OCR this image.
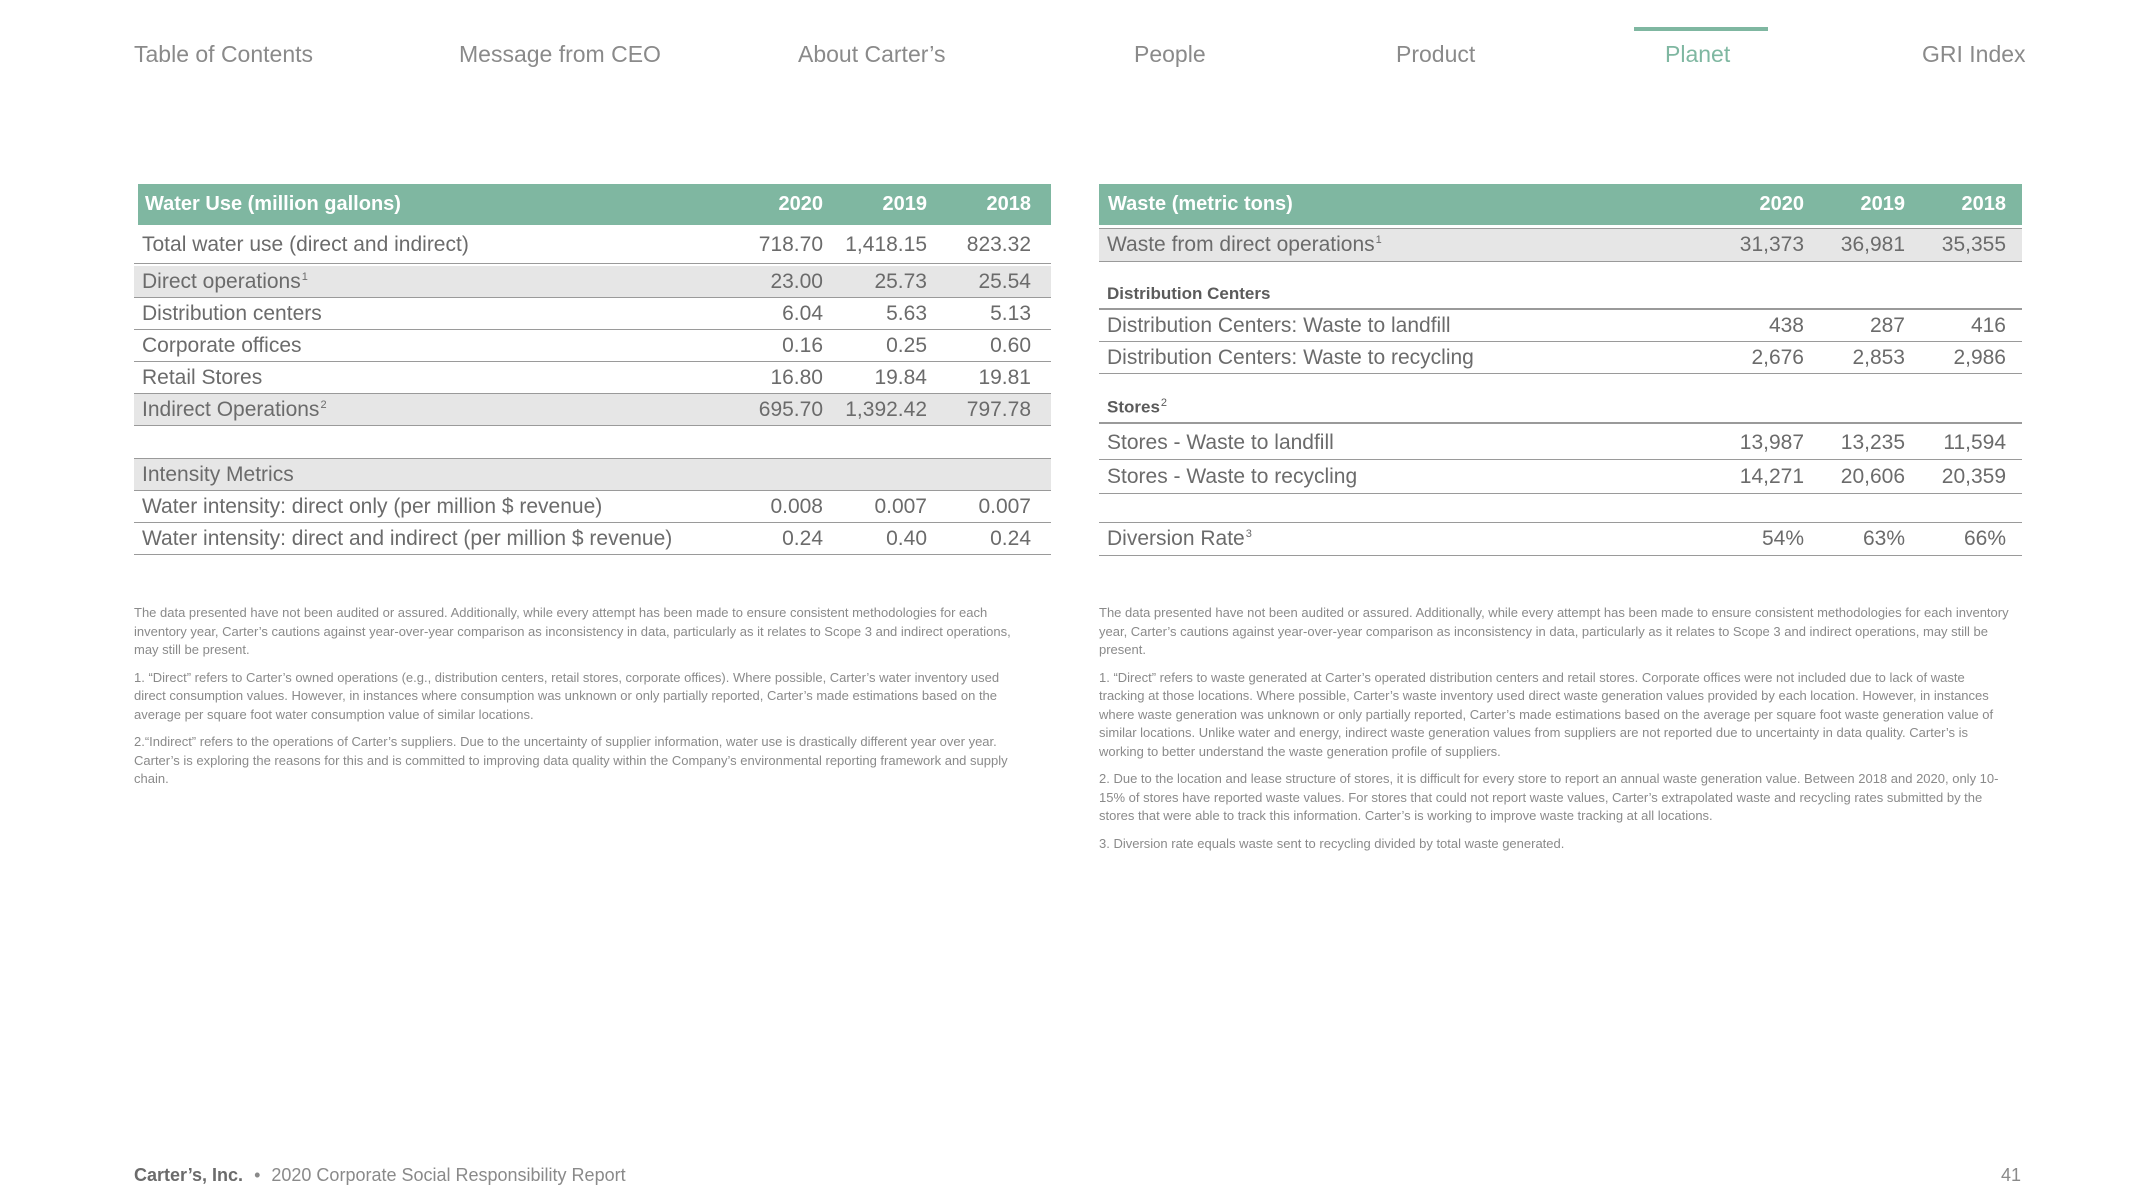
Table of Contents	Message from CEO	About Carter’s	People	Product	Planet	GRI Index
Water Use (million gallons)	2020	2019	2018
Total water use (direct and indirect)	718.70 1,418.15 823.32
Direct operations$^1$	23.00 25.73 25.54
Distribution centers	6.04	5.63	5.13
Corporate offices	0.16	0.25	0.60
Retail Stores	16.80 19.84 19.81
Indirect Operations$^2$	695.70 1,392.42 797.78
Intensity Metrics
Water intensity: direct only (per million $ revenue)	0.008 0.007 0.007
Water intensity: direct and indirect (per million $ revenue)	0.24	0.40	0.24
Waste (metric tons)	2020	2019	2018
Waste from direct operations$^1$	31,373 36,981 35,355
Distribution Centers
Distribution Centers: Waste to landfill	438	287	416
Distribution Centers: Waste to recycling	2,676 2,853 2,986
Stores$^2$
Stores - Waste to landfill	13,987 13,235 11,594
Stores - Waste to recycling	14,271 20,606 20,359
Diversion Rate$^3$	54%	63%	66%

The data presented have not been audited or assured. Additionally, while every attempt has been made to ensure consistent methodologies for each inventory year, Carter’s cautions against year-over-year comparison as inconsistency in data, particularly as it relates to Scope 3 and indirect operations, may still be present.

1. “Direct” refers to Carter’s owned operations (e.g., distribution centers, retail stores, corporate offices). Where possible, Carter’s water inventory used direct consumption values. However, in instances where consumption was unknown or only partially reported, Carter’s made estimations based on the average per square foot water consumption value of similar locations.

2.“Indirect” refers to the operations of Carter’s suppliers. Due to the uncertainty of supplier information, water use is drastically different year over year. Carter’s is exploring the reasons for this and is committed to improving data quality within the Company’s environmental reporting framework and supply chain.

The data presented have not been audited or assured. Additionally, while every attempt has been made to ensure consistent methodologies for each inventory year, Carter’s cautions against year-over-year comparison as inconsistency in data, particularly as it relates to Scope 3 and indirect operations, may still be present.

1. “Direct” refers to waste generated at Carter’s operated distribution centers and retail stores. Corporate offices were not included due to lack of waste tracking at those locations. Where possible, Carter’s waste inventory used direct waste generation values provided by each location. However, in instances where waste generation was unknown or only partially reported, Carter’s made estimations based on the average per square foot waste generation value of similar locations. Unlike water and energy, indirect waste generation values from suppliers are not reported due to uncertainty in data quality. Carter’s is working to better understand the waste generation profile of suppliers.

2. Due to the location and lease structure of stores, it is difficult for every store to report an annual waste generation value. Between 2018 and 2020, only 10-15% of stores have reported waste values. For stores that could not report waste values, Carter’s extrapolated waste and recycling rates submitted by the stores that were able to track this information. Carter’s is working to improve waste tracking at all locations.

3. Diversion rate equals waste sent to recycling divided by total waste generated.

Carter’s, Inc. • 2020 Corporate Social Responsibility Report	41
